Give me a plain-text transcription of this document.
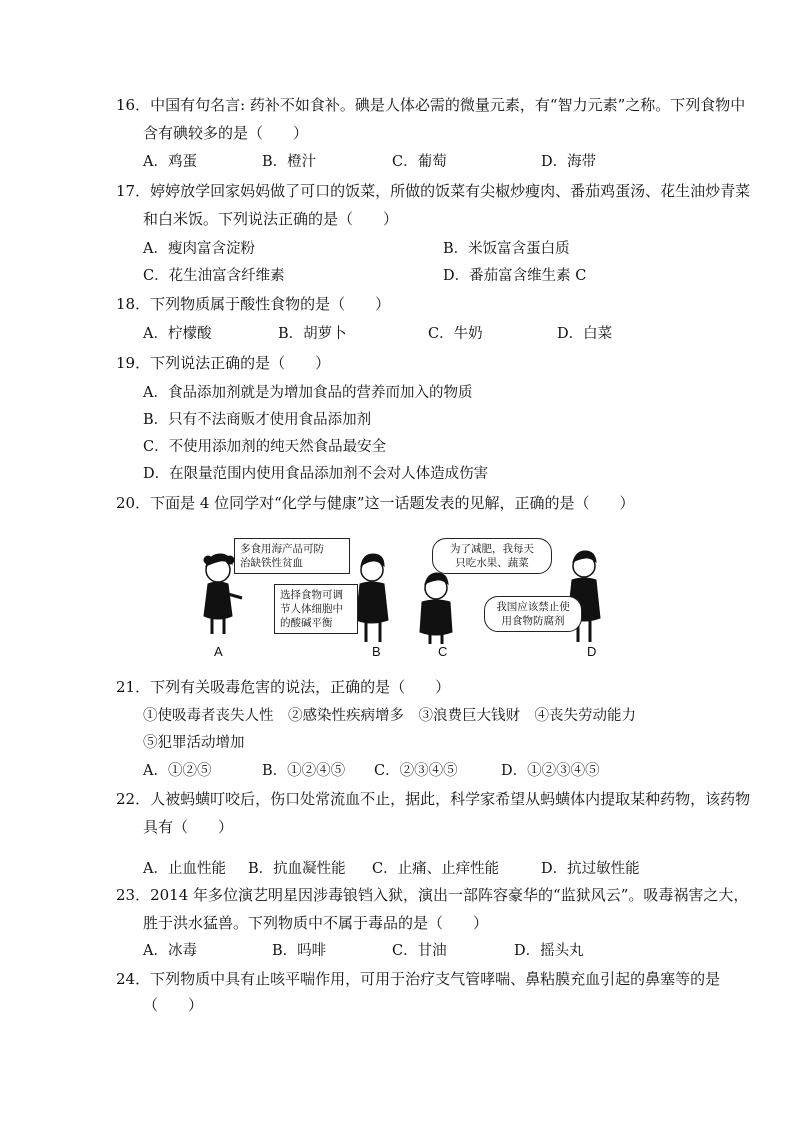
16．中国有句名言: 药补不如食补。碘是人体必需的微量元素，有“智力元素”之称。下列食物中
含有碘较多的是（　　）
A．鸡蛋	B．橙汁	C．葡萄	D．海带
17．婷婷放学回家妈妈做了可口的饭菜，所做的饭菜有尖椒炒瘦肉、番茄鸡蛋汤、花生油炒青菜
和白米饭。下列说法正确的是（　　）
A．瘦肉富含淀粉	B．米饭富含蛋白质
C．花生油富含纤维素	D．番茄富含维生素 C
18．下列物质属于酸性食物的是（　　）
A．柠檬酸	B．胡萝卜	C．牛奶	D．白菜
19．下列说法正确的是（　　）
A．食品添加剂就是为增加食品的营养而加入的物质
B．只有不法商贩才使用食品添加剂
C．不使用添加剂的纯天然食品最安全
D．在限量范围内使用食品添加剂不会对人体造成伤害
20．下面是 4 位同学对“化学与健康”这一话题发表的见解，正确的是（　　）
多食用海产品可防
治缺铁性贫血
选择食物可调
节人体细胞中
的酸碱平衡
为了减肥，我每天
只吃水果、蔬菜
我国应该禁止使
用食物防腐剂
A	B	C	D
21．下列有关吸毒危害的说法，正确的是（　　）
①使吸毒者丧失人性　②感染性疾病增多　③浪费巨大钱财　④丧失劳动能力
⑤犯罪活动增加
A．①②⑤	B．①②④⑤ C．②③④⑤	D．①②③④⑤
22．人被蚂蟥叮咬后，伤口处常流血不止，据此，科学家希望从蚂蟥体内提取某种药物，该药物
具有（　　）
A．止血性能 B．抗血凝性能 C．止痛、止痒性能	D．抗过敏性能
23．2014 年多位演艺明星因涉毒锒铛入狱，演出一部阵容豪华的“监狱风云”。吸毒祸害之大，
胜于洪水猛兽。下列物质中不属于毒品的是（　　）
A．冰毒	B．吗啡	C．甘油	D．摇头丸
24．下列物质中具有止咳平喘作用，可用于治疗支气管哮喘、鼻粘膜充血引起的鼻塞等的是
（　　）
